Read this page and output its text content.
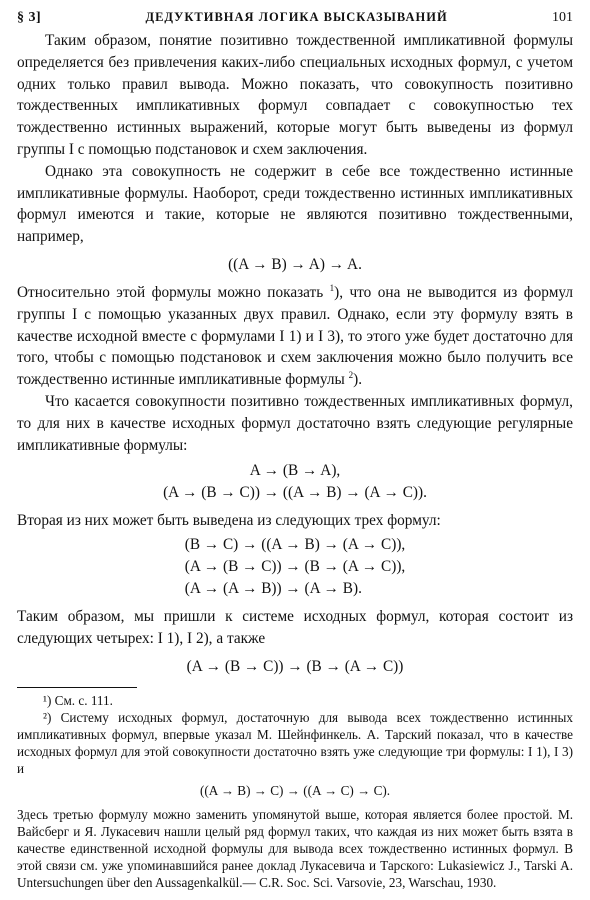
§ 3]	ДЕДУКТИВНАЯ ЛОГИКА ВЫСКАЗЫВАНИЙ	101

Таким образом, понятие позитивно тождественной импликативной формулы определяется без привлечения каких-либо специальных исходных формул, с учетом одних только правил вывода. Можно показать, что совокупность позитивно тождественных импликативных формул совпадает с совокупностью тех тождественно истинных выражений, которые могут быть выведены из формул группы I с помощью подстановок и схем заключения.

Однако эта совокупность не содержит в себе все тождественно истинные импликативные формулы. Наоборот, среди тождественно истинных импликативных формул имеются и такие, которые не являются позитивно тождественными, например,

((A → B) → A) → A.

Относительно этой формулы можно показать $^1$), что она не выводится из формул группы I с помощью указанных двух правил. Однако, если эту формулу взять в качестве исходной вместе с формулами I 1) и I 3), то этого уже будет достаточно для того, чтобы с помощью подстановок и схем заключения можно было получить все тождественно истинные импликативные формулы $^2$).

Что касается совокупности позитивно тождественных импликативных формул, то для них в качестве исходных формул достаточно взять следующие регулярные импликативные формулы:

A → (B → A),
(A → (B → C)) → ((A → B) → (A → C)).

Вторая из них может быть выведена из следующих трех формул:

(B → C) → ((A → B) → (A → C)),
(A → (B → C)) → (B → (A → C)),
(A → (A → B)) → (A → B).

Таким образом, мы пришли к системе исходных формул, которая состоит из следующих четырех: I 1), I 2), а также

(A → (B → C)) → (B → (A → C))

¹) См. с. 111.

²) Систему исходных формул, достаточную для вывода всех тождественно истинных импликативных формул, впервые указал М. Шейнфинкель. А. Тарский показал, что в качестве исходных формул для этой совокупности достаточно взять уже следующие три формулы: I 1), I 3) и

((A → B) → C) → ((A → C) → C).

Здесь третью формулу можно заменить упомянутой выше, которая является более простой. М. Вайсберг и Я. Лукасевич нашли целый ряд формул таких, что каждая из них может быть взята в качестве единственной исходной формулы для вывода всех тождественно истинных формул. В этой связи см. уже упоминавшийся ранее доклад Лукасевича и Тарского: Lukasiewicz J., Tarski A. Untersuchungen über den Aussagenkalkül.— C.R. Soc. Sci. Varsovie, 23, Warschau, 1930.
